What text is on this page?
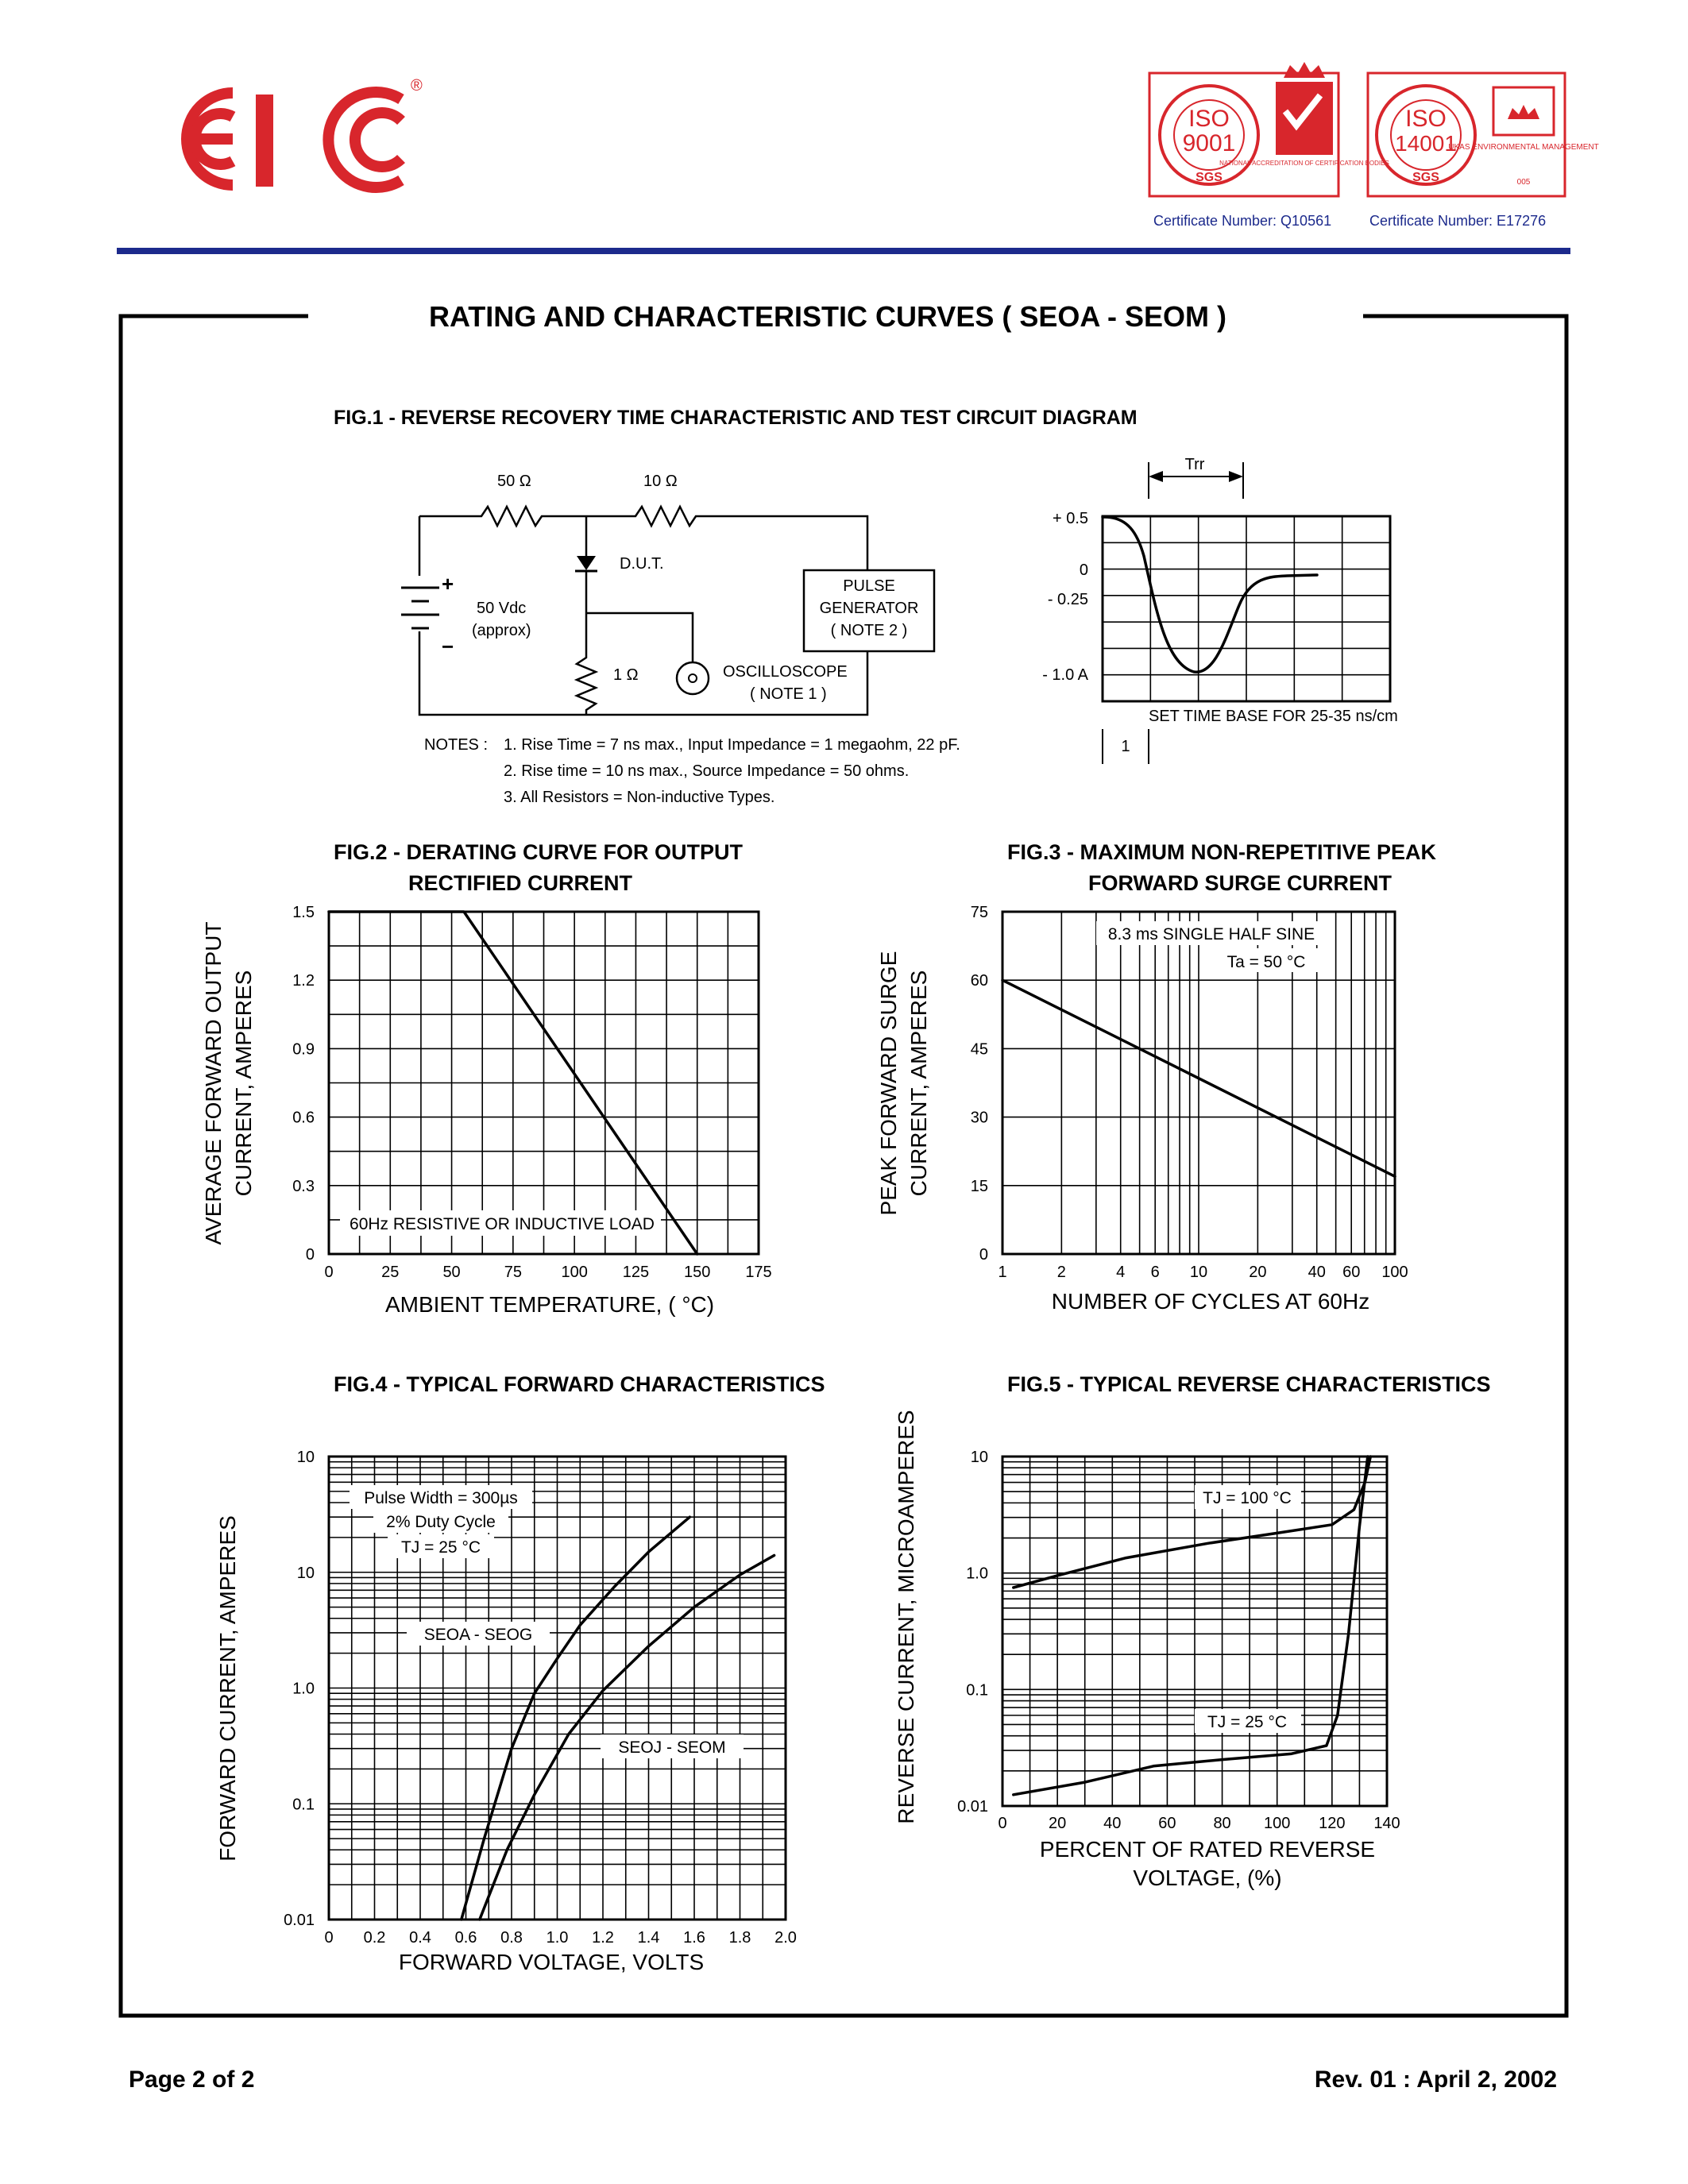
®
ISO
9001
SGS
NATIONAL ACCREDITATION OF CERTIFICATION BODIES
Certificate Number: Q10561
ISO
14001
SGS
UKAS ENVIRONMENTAL MANAGEMENT
005
Certificate Number: E17276
RATING AND CHARACTERISTIC CURVES ( SEOA - SEOM )
FIG.1 - REVERSE RECOVERY TIME CHARACTERISTIC AND TEST CIRCUIT DIAGRAM
+
−
50 Vdc
(approx)
50 Ω	10 Ω
D.U.T.
1 Ω	OSCILLOSCOPE
( NOTE 1 )
PULSE
GENERATOR
( NOTE 2 )
NOTES : 1. Rise Time = 7 ns max., Input Impedance = 1 megaohm, 22 pF.
2. Rise time = 10 ns max., Source Impedance = 50 ohms.
3. All Resistors = Non-inductive Types.
Trr
+ 0.5
0
- 0.25
- 1.0 A
SET TIME BASE FOR 25-35 ns/cm
1
FIG.2 - DERATING CURVE FOR OUTPUT
RECTIFIED CURRENT
60Hz RESISTIVE OR INDUCTIVE LOAD
1.5
1.2
0.9
0.6
0.3
0
0	25	50	75 100 125 150 175
AVERAGE FORWARD OUTPUT CURRENT, AMPERES
AMBIENT TEMPERATURE, ( °C)
FIG.3 - MAXIMUM NON-REPETITIVE PEAK
FORWARD SURGE CURRENT
8.3 ms SINGLE HALF SINE
Ta = 50 °C
75
60
45
30
15
0
1	2	4 6 10	20	40 60 100
PEAK FORWARD SURGE CURRENT, AMPERES
NUMBER OF CYCLES AT 60Hz
FIG.4 - TYPICAL FORWARD CHARACTERISTICS
Pulse Width = 300µs
2% Duty Cycle
TJ = 25 °C
SEOA - SEOG
SEOJ - SEOM
10
10
1.0
0.1
0.01
0 0.2 0.4 0.6 0.8 1.0 1.2 1.4 1.6 1.8 2.0
FORWARD CURRENT, AMPERES
FORWARD VOLTAGE, VOLTS
FIG.5 - TYPICAL REVERSE CHARACTERISTICS
TJ = 100 °C
TJ = 25 °C
10
1.0
0.1
0.01
0	20 40 60 80 100 120 140
REVERSE CURRENT, MICROAMPERES
PERCENT OF RATED REVERSE
VOLTAGE, (%)
Page 2 of 2	Rev. 01 : April 2, 2002
